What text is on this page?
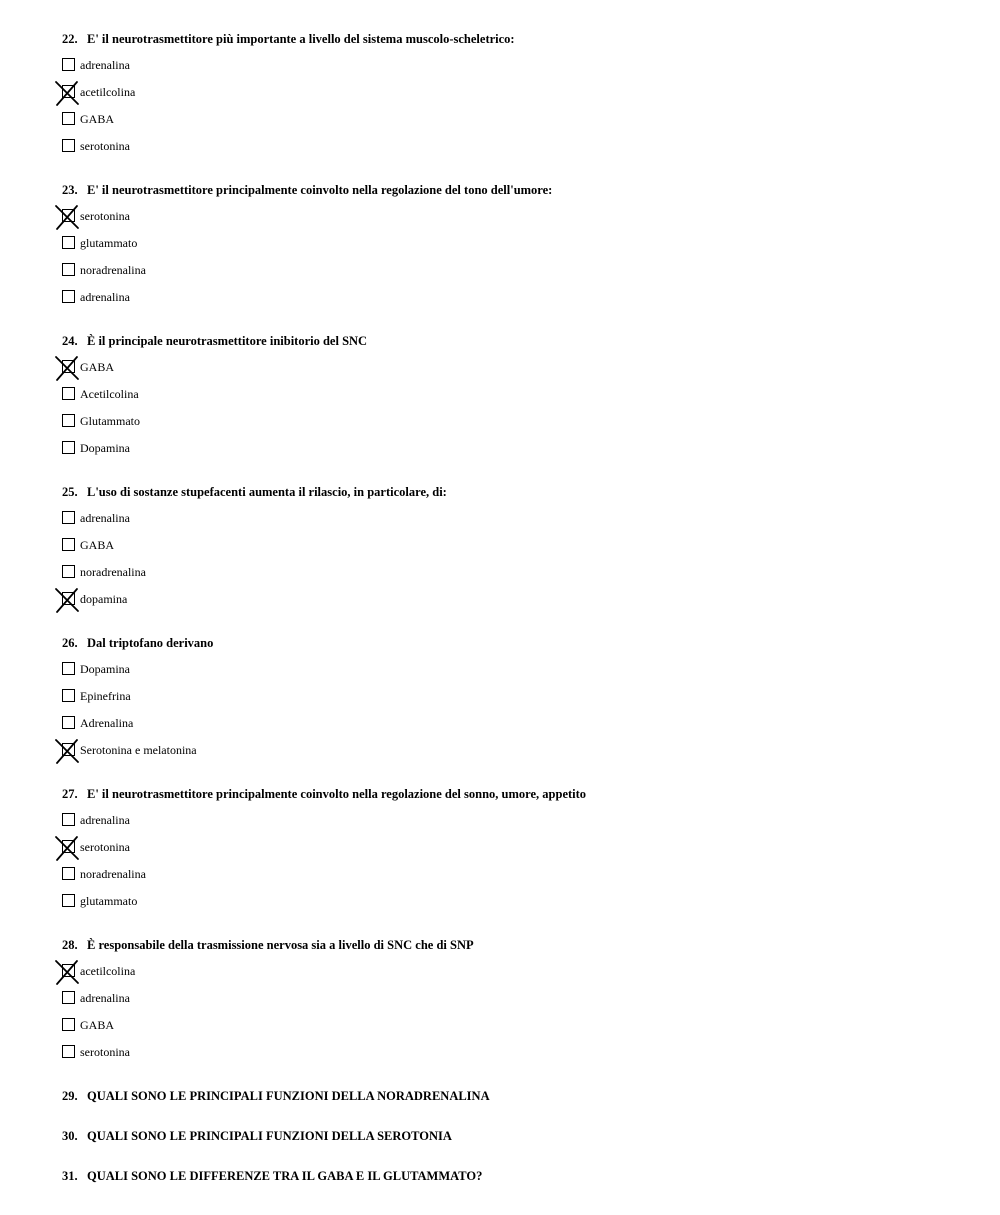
22. E' il neurotrasmettitore più importante a livello del sistema muscolo-scheletrico:
adrenalina
acetilcolina
GABA
serotonina
23. E' il neurotrasmettitore principalmente coinvolto nella regolazione del tono dell'umore:
serotonina
glutammato
noradrenalina
adrenalina
24. È il principale neurotrasmettitore inibitorio del SNC
GABA
Acetilcolina
Glutammato
Dopamina
25. L'uso di sostanze stupefacenti aumenta il rilascio, in particolare, di:
adrenalina
GABA
noradrenalina
dopamina
26. Dal triptofano derivano
Dopamina
Epinefrina
Adrenalina
Serotonina e melatonina
27. E' il neurotrasmettitore principalmente coinvolto nella regolazione del sonno, umore, appetito
adrenalina
serotonina
noradrenalina
glutammato
28. È responsabile della trasmissione nervosa sia a livello di SNC che di SNP
acetilcolina
adrenalina
GABA
serotonina
29. QUALI SONO LE PRINCIPALI FUNZIONI DELLA NORADRENALINA
30. QUALI SONO LE PRINCIPALI FUNZIONI DELLA SEROTONIA
31. QUALI SONO LE DIFFERENZE TRA IL GABA E IL GLUTAMMATO?
